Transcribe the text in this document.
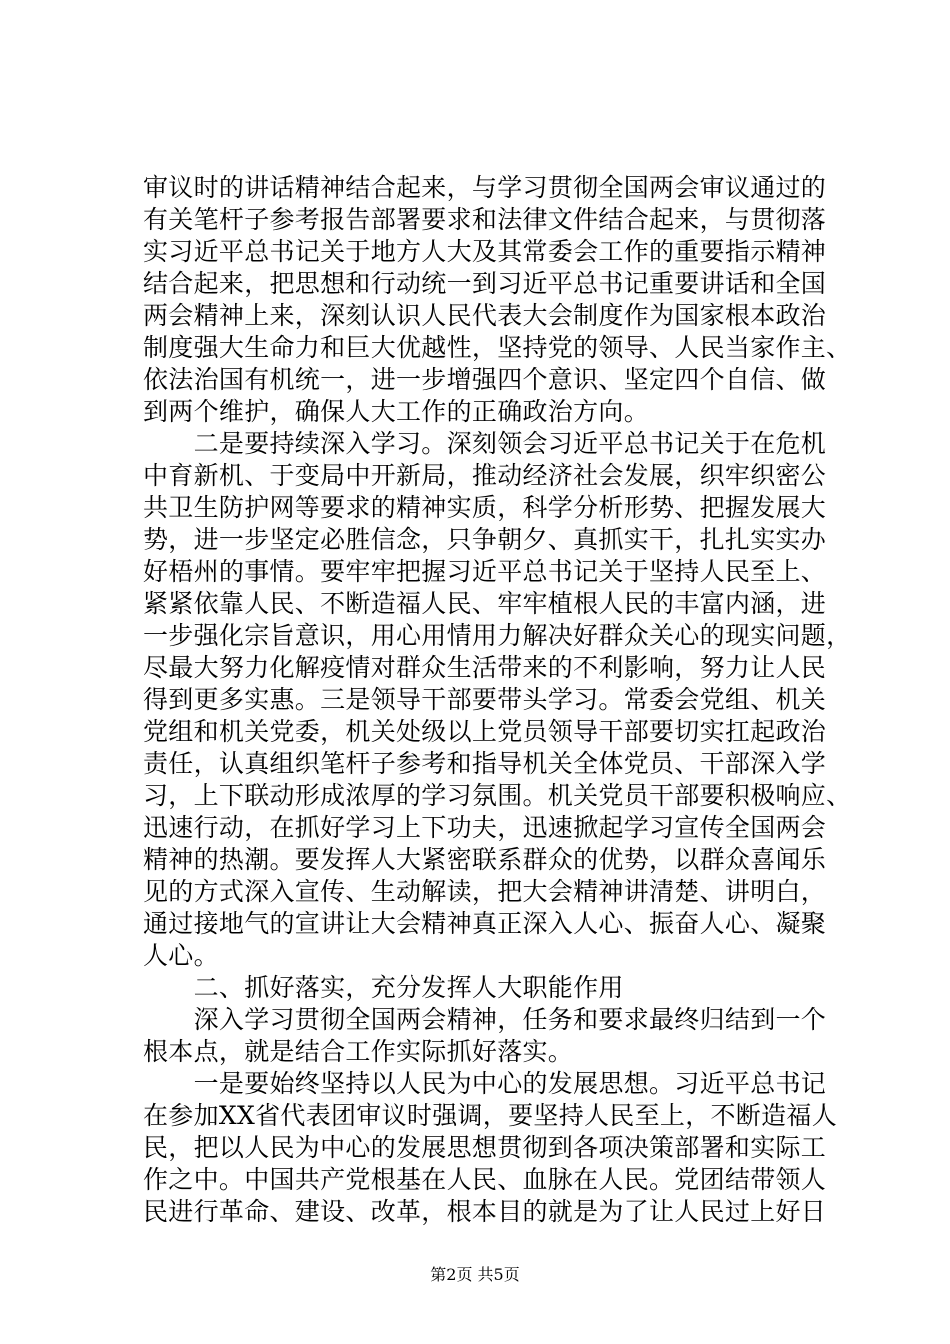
审议时的讲话精神结合起来，与学习贯彻全国两会审议通过的
有关笔杆子参考报告部署要求和法律文件结合起来，与贯彻落
实习近平总书记关于地方人大及其常委会工作的重要指示精神
结合起来，把思想和行动统一到习近平总书记重要讲话和全国
两会精神上来，深刻认识人民代表大会制度作为国家根本政治
制度强大生命力和巨大优越性，坚持党的领导、人民当家作主、
依法治国有机统一，进一步增强四个意识、坚定四个自信、做
到两个维护，确保人大工作的正确政治方向。
　　二是要持续深入学习。深刻领会习近平总书记关于在危机
中育新机、于变局中开新局，推动经济社会发展，织牢织密公
共卫生防护网等要求的精神实质，科学分析形势、把握发展大
势，进一步坚定必胜信念，只争朝夕、真抓实干，扎扎实实办
好梧州的事情。要牢牢把握习近平总书记关于坚持人民至上、
紧紧依靠人民、不断造福人民、牢牢植根人民的丰富内涵，进
一步强化宗旨意识，用心用情用力解决好群众关心的现实问题，
尽最大努力化解疫情对群众生活带来的不利影响，努力让人民
得到更多实惠。三是领导干部要带头学习。常委会党组、机关
党组和机关党委，机关处级以上党员领导干部要切实扛起政治
责任，认真组织笔杆子参考和指导机关全体党员、干部深入学
习，上下联动形成浓厚的学习氛围。机关党员干部要积极响应、
迅速行动，在抓好学习上下功夫，迅速掀起学习宣传全国两会
精神的热潮。要发挥人大紧密联系群众的优势，以群众喜闻乐
见的方式深入宣传、生动解读，把大会精神讲清楚、讲明白，
通过接地气的宣讲让大会精神真正深入人心、振奋人心、凝聚
人心。
　　二、抓好落实，充分发挥人大职能作用
　　深入学习贯彻全国两会精神，任务和要求最终归结到一个
根本点，就是结合工作实际抓好落实。
　　一是要始终坚持以人民为中心的发展思想。习近平总书记
在参加XX省代表团审议时强调，要坚持人民至上，不断造福人
民，把以人民为中心的发展思想贯彻到各项决策部署和实际工
作之中。中国共产党根基在人民、血脉在人民。党团结带领人
民进行革命、建设、改革，根本目的就是为了让人民过上好日
第2页 共5页
